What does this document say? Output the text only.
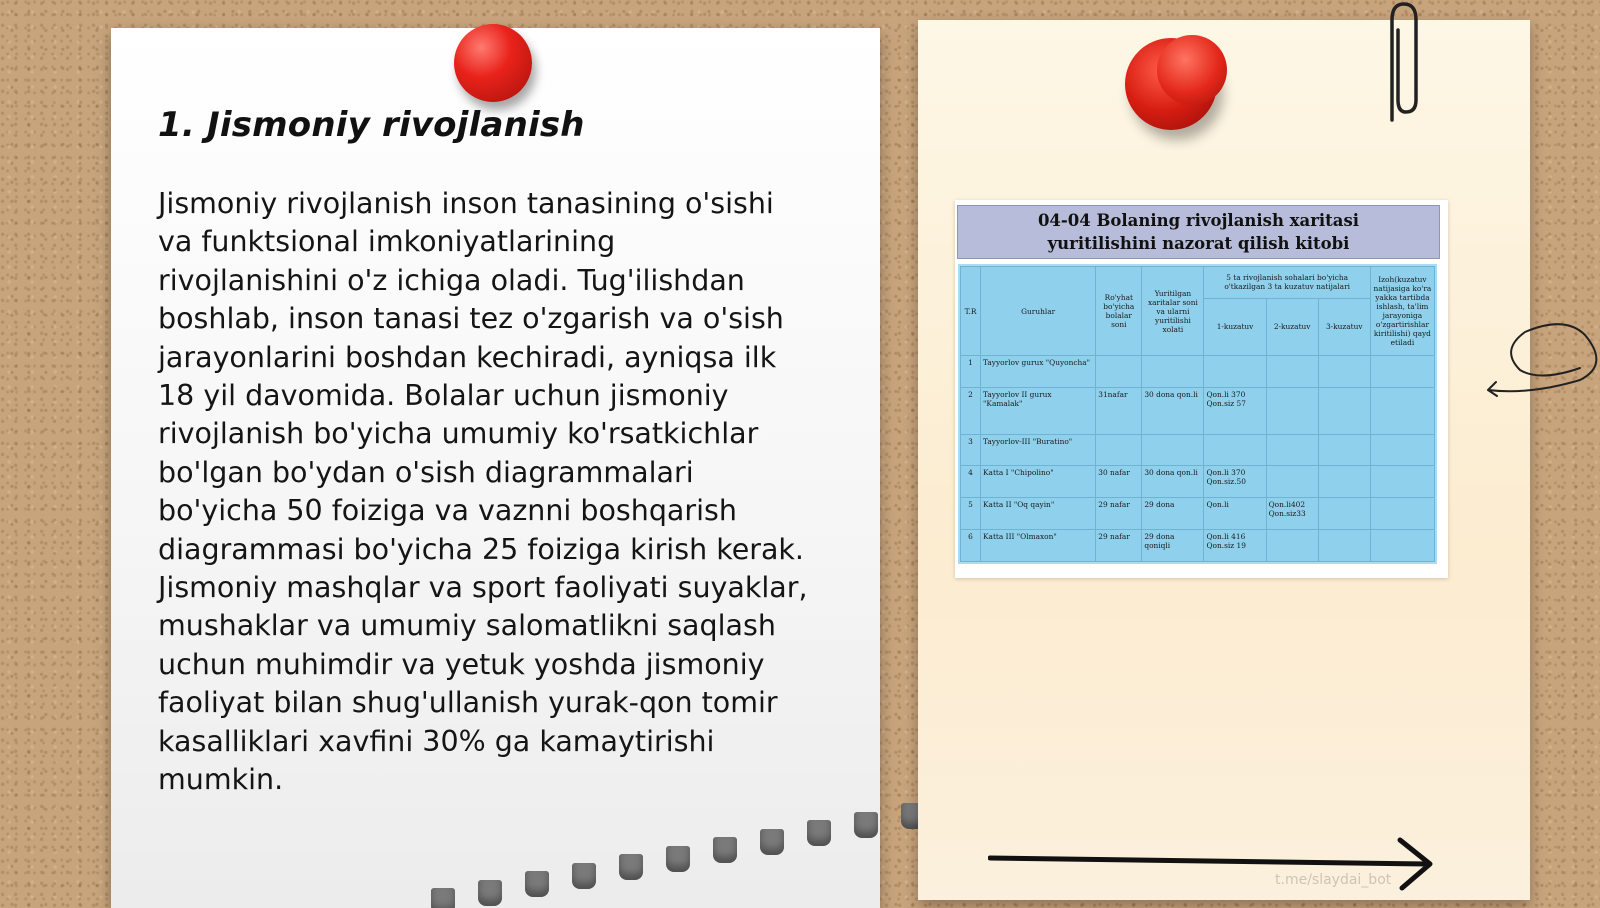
1. Jismoniy rivojlanish

Jismoniy rivojlanish inson tanasining o'sishi
va funktsional imkoniyatlarining
rivojlanishini o'z ichiga oladi. Tug'ilishdan
boshlab, inson tanasi tez o'zgarish va o'sish
jarayonlarini boshdan kechiradi, ayniqsa ilk
18 yil davomida. Bolalar uchun jismoniy
rivojlanish bo'yicha umumiy ko'rsatkichlar
bo'lgan bo'ydan o'sish diagrammalari
bo'yicha 50 foiziga va vaznni boshqarish
diagrammasi bo'yicha 25 foiziga kirish kerak.
Jismoniy mashqlar va sport faoliyati suyaklar,
mushaklar va umumiy salomatlikni saqlash
uchun muhimdir va yetuk yoshda jismoniy
faoliyat bilan shug'ullanish yurak-qon tomir
kasalliklari xavfini 30% ga kamaytirishi
mumkin.

04-04 Bolaning rivojlanish xaritasi yuritilishini nazorat qilish kitobi
T.R	Guruhlar	Ro'yhat bo'yicha bolalar soni	Yuritilgan xaritalar soni va ularni yuritilishi xolati	5 ta rivojlanish sohalari bo'yicha o'tkazilgan 3 ta kuzatuv natijalari			Izoh(kuzatuv natijasiga ko'ra yakka tartibda ishlash, ta'lim jarayoniga o'zgartirishlar kiritilishi) qayd etiladi
				1-kuzatuv	2-kuzatuv	3-kuzatuv	
1	Tayyorlov gurux "Quyoncha"						
2	Tayyorlov II gurux "Kamalak"	31nafar	30 dona qon.li	Qon.li 370 Qon.siz 57			
3	Tayyorlov-III "Buratino"						
4	Katta I "Chipolino"	30 nafar	30 dona qon.li	Qon.li 370 Qon.siz.50			
5	Katta II "Oq qayin"	29 nafar	29 dona	Qon.li	Qon.li402 Qon.siz33		
6	Katta III "Olmaxon"	29 nafar	29 dona qoniqli	Qon.li 416 Qon.siz 19			

t.me/slaydai_bot
